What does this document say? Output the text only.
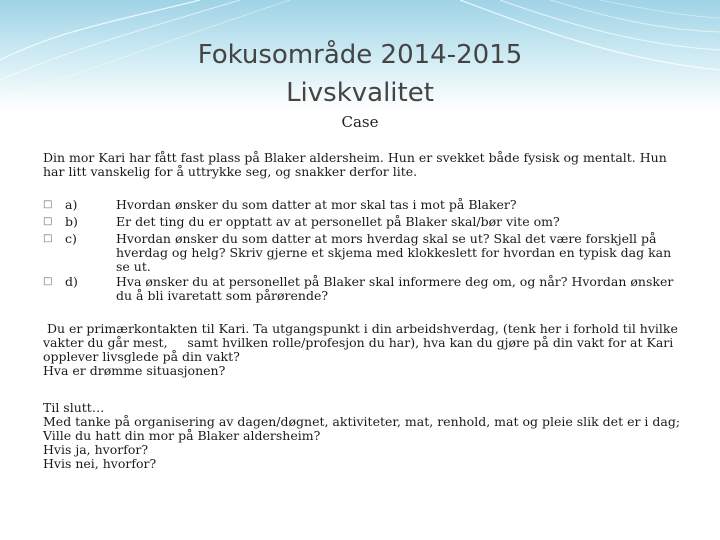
Fokusområde 2014-2015
Livskvalitet
Case
Din mor Kari har fått fast plass på Blaker aldersheim. Hun er svekket både fysisk og mentalt. Hun har litt vanskelig for å uttrykke seg, og snakker derfor lite.
□	a)	Hvordan ønsker du som datter at mor skal tas i mot på Blaker?
□	b)	Er det ting du er opptatt av at personellet på Blaker skal/bør vite om?
□	c)	Hvordan ønsker du som datter at mors hverdag skal se ut? Skal det være forskjell på hverdag og helg? Skriv gjerne et skjema med klokkeslett for hvordan en typisk dag kan se ut.
□	d)	Hva ønsker du at personellet på Blaker skal informere deg om, og når? Hvordan ønsker du å bli ivaretatt som pårørende?
Du er primærkontakten til Kari. Ta utgangspunkt i din arbeidshverdag, (tenk her i forhold til hvilke vakter du går mest,     samt hvilken rolle/profesjon du har), hva kan du gjøre på din vakt for at Kari opplever livsglede på din vakt?
Hva er drømme situasjonen?
Til slutt…
Med tanke på organisering av dagen/døgnet, aktiviteter, mat, renhold, mat og pleie slik det er i dag; Ville du hatt din mor på Blaker aldersheim?
Hvis ja, hvorfor?
Hvis nei, hvorfor?
